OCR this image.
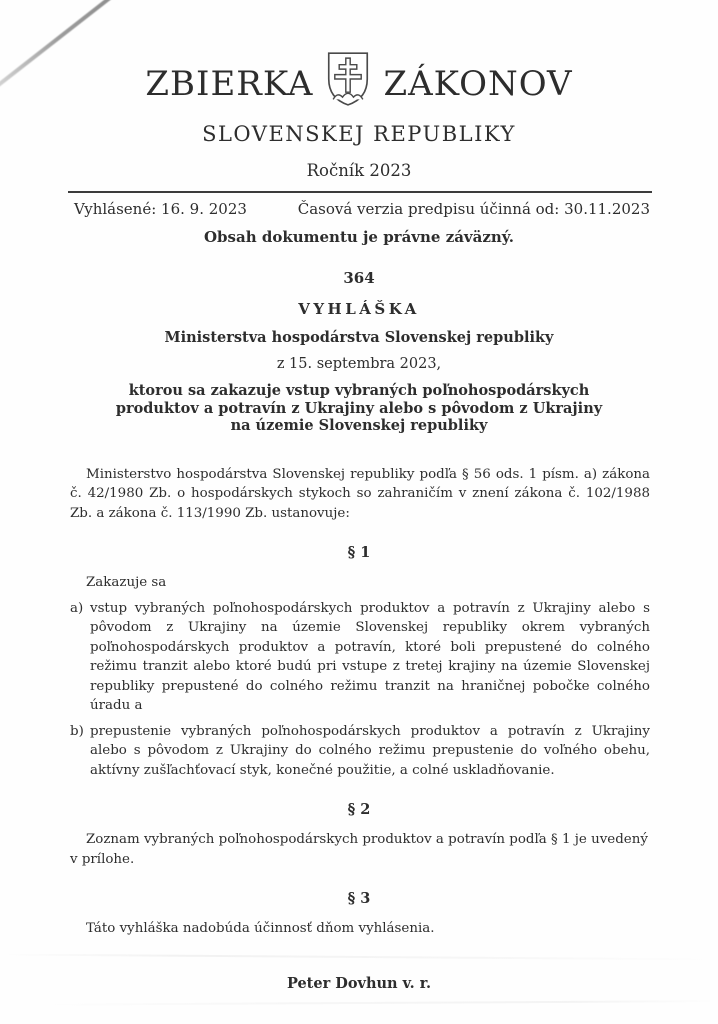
ZBIERKA ZÁKONOV
SLOVENSKEJ REPUBLIKY
Ročník 2023
Vyhlásené: 16. 9. 2023	Časová verzia predpisu účinná od: 30.11.2023
Obsah dokumentu je právne záväzný.
364
VYHLÁŠKA
Ministerstva hospodárstva Slovenskej republiky
z 15. septembra 2023,
ktorou sa zakazuje vstup vybraných poľnohospodárskych produktov a potravín z Ukrajiny alebo s pôvodom z Ukrajiny na územie Slovenskej republiky

Ministerstvo hospodárstva Slovenskej republiky podľa § 56 ods. 1 písm. a) zákona č. 42/1980 Zb. o hospodárskych stykoch so zahraničím v znení zákona č. 102/1988 Zb. a zákona č. 113/1990 Zb. ustanovuje:

§ 1

Zakazuje sa

a) vstup vybraných poľnohospodárskych produktov a potravín z Ukrajiny alebo s pôvodom z Ukrajiny na územie Slovenskej republiky okrem vybraných poľnohospodárskych produktov a potravín, ktoré boli prepustené do colného režimu tranzit alebo ktoré budú pri vstupe z tretej krajiny na územie Slovenskej republiky prepustené do colného režimu tranzit na hraničnej pobočke colného úradu a
b) prepustenie vybraných poľnohospodárskych produktov a potravín z Ukrajiny alebo s pôvodom z Ukrajiny do colného režimu prepustenie do voľného obehu, aktívny zušľachťovací styk, konečné použitie, a colné uskladňovanie.
§ 2

Zoznam vybraných poľnohospodárskych produktov a potravín podľa § 1 je uvedený v prílohe.

§ 3

Táto vyhláška nadobúda účinnosť dňom vyhlásenia.

Peter Dovhun v. r.
